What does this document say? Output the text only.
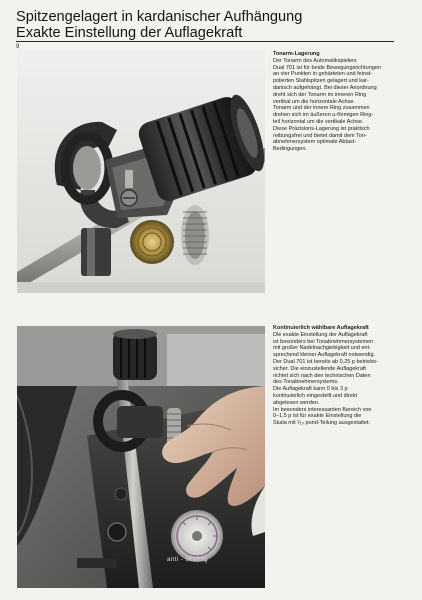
Spitzengelagert in kardanischer Aufhängung
Exakte Einstellung der Auflagekraft
9
Tonarm-Lagerung
Der Tonarm des Automatikspielers
Dual 701 ist für beide Bewegungsrichtungen
an vier Punkten in gehärteten und feinst-
polierten Stahlspitzen gelagert und kar-
danisch aufgehängt. Bei dieser Anordnung
dreht sich der Tonarm im inneren Ring
vertikal um die horizontale Achse.
Tonarm und der innere Ring zusammen
drehen sich im äußeren u-förmigen Ring-
teil horizontal um die vertikale Achse.
Diese Präzisions-Lagerung ist praktisch
reibungsfrei und bietet damit dem Ton-
abnehmersystem optimale Abtast-
Bedingungen.
anti - skating
Kontinuierlich wählbare Auflagekraft
Die exakte Einstellung der Auflagekraft
ist besonders bei Tonabnehmersystemen
mit großer Nadelnachgiebigkeit und ent-
sprechend kleiner Auflagekraft notwendig.
Der Dual 701 ist bereits ab 0,25 p betriebs-
sicher. Die einzustellende Auflagekraft
richtet sich nach den technischen Daten
des Tonabnehmersystems.
Die Auflagekraft kann 0 bis 3 p
kontinuierlich eingestellt und direkt
abgelesen werden.
Im besonders interessanten Bereich von
0–1,5 p ist für exakte Einstellung die
Skala mit ¹⁄₁₀ pond-Teilung ausgestattet.
